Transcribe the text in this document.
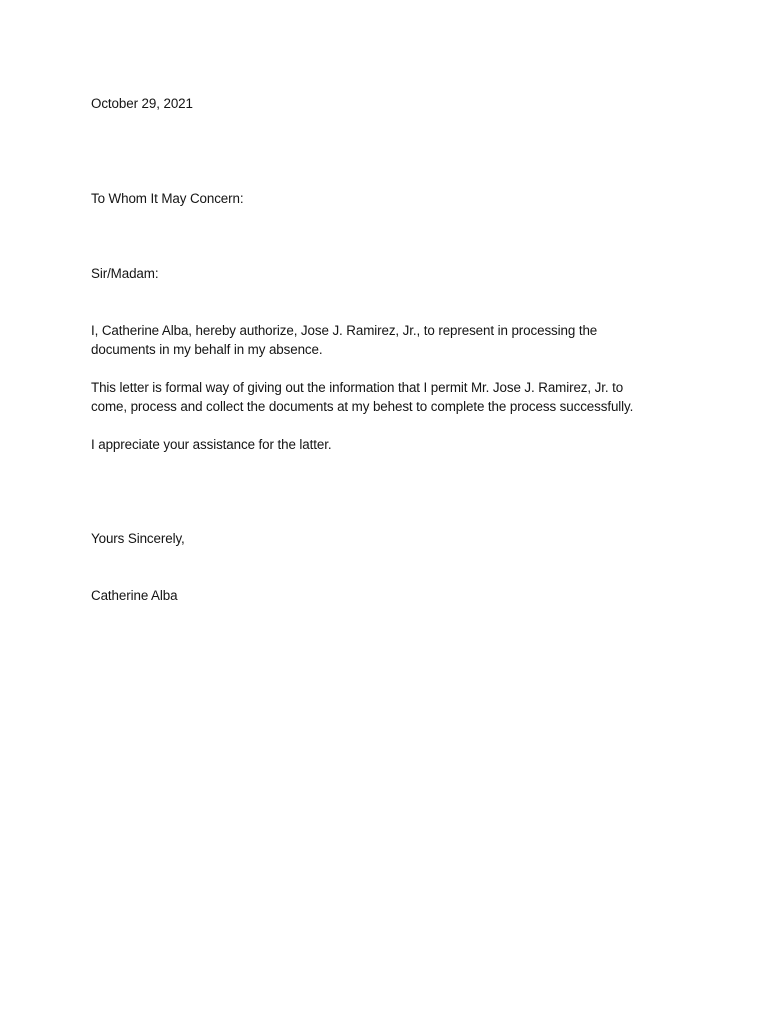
October 29, 2021
To Whom It May Concern:
Sir/Madam:
I, Catherine Alba, hereby authorize, Jose J. Ramirez, Jr., to represent in processing the
documents in my behalf in my absence.
This letter is formal way of giving out the information that I permit Mr. Jose J. Ramirez, Jr. to
come, process and collect the documents at my behest to complete the process successfully.
I appreciate your assistance for the latter.
Yours Sincerely,
Catherine Alba
